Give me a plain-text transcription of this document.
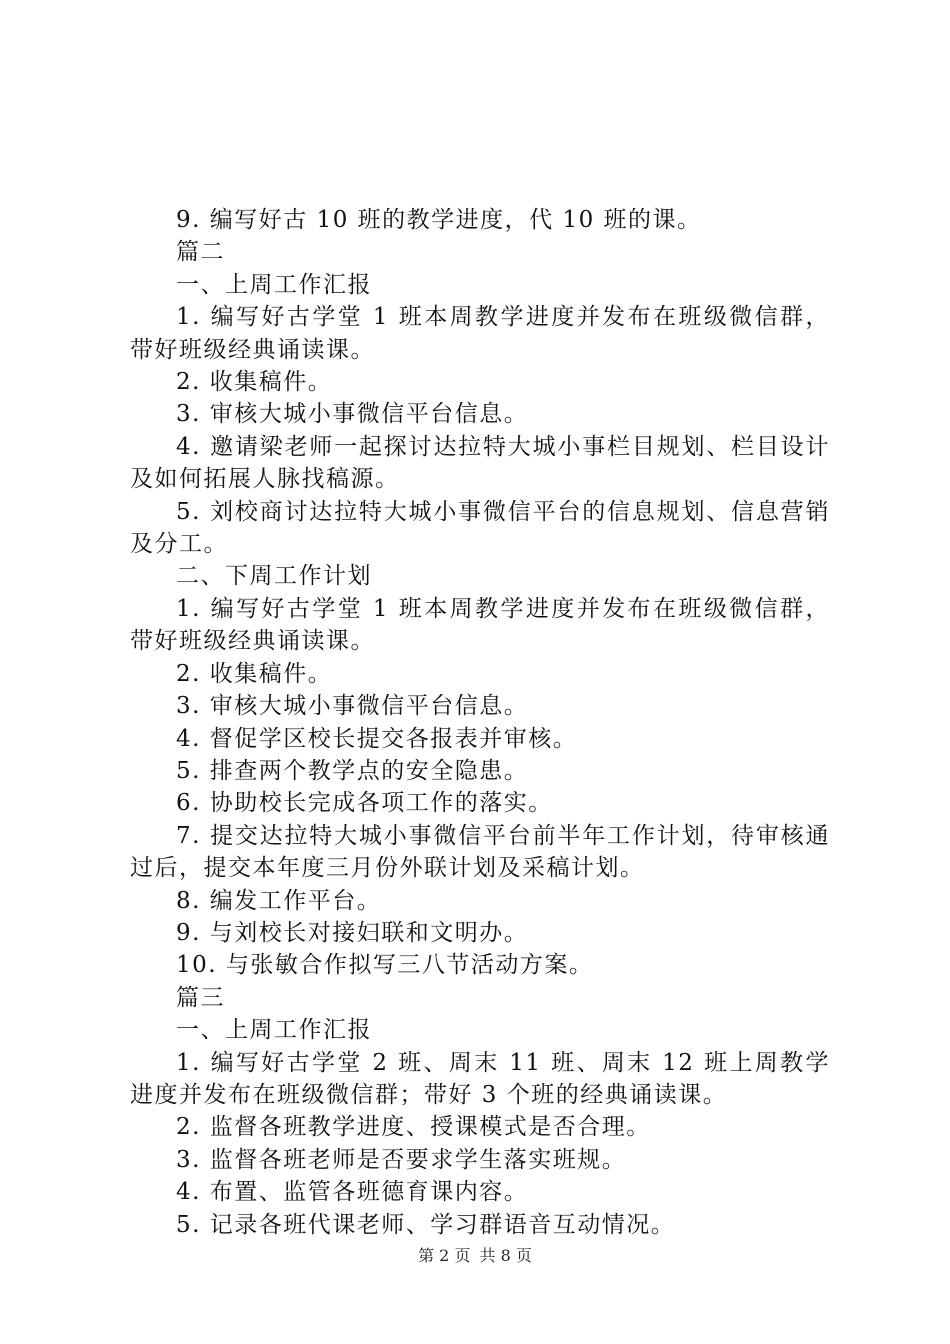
9. 编写好古 10 班的教学进度，代 10 班的课。

篇二

一、上周工作汇报

1. 编写好古学堂 1 班本周教学进度并发布在班级微信群，带好班级经典诵读课。

2. 收集稿件。

3. 审核大城小事微信平台信息。

4. 邀请梁老师一起探讨达拉特大城小事栏目规划、栏目设计及如何拓展人脉找稿源。

5. 刘校商讨达拉特大城小事微信平台的信息规划、信息营销及分工。

二、下周工作计划

1. 编写好古学堂 1 班本周教学进度并发布在班级微信群，带好班级经典诵读课。

2. 收集稿件。

3. 审核大城小事微信平台信息。

4. 督促学区校长提交各报表并审核。

5. 排查两个教学点的安全隐患。

6. 协助校长完成各项工作的落实。

7. 提交达拉特大城小事微信平台前半年工作计划，待审核通过后，提交本年度三月份外联计划及采稿计划。

8. 编发工作平台。

9. 与刘校长对接妇联和文明办。

10. 与张敏合作拟写三八节活动方案。

篇三

一、上周工作汇报

1. 编写好古学堂 2 班、周末 11 班、周末 12 班上周教学进度并发布在班级微信群；带好 3 个班的经典诵读课。

2. 监督各班教学进度、授课模式是否合理。

3. 监督各班老师是否要求学生落实班规。

4. 布置、监管各班德育课内容。

5. 记录各班代课老师、学习群语音互动情况。

第 2 页 共 8 页
